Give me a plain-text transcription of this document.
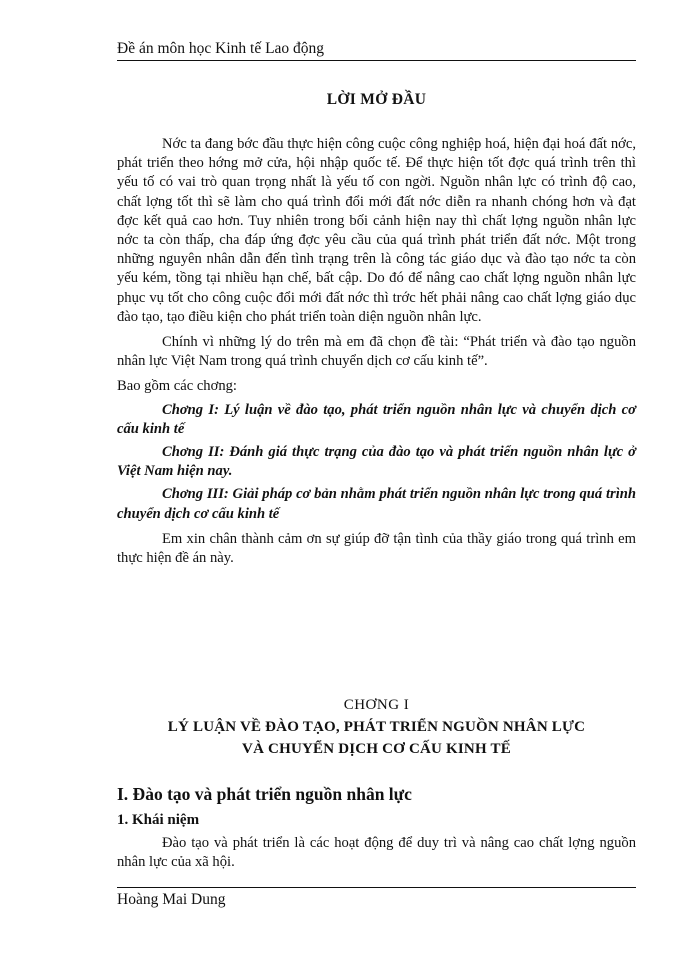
Đề án môn học Kinh tế Lao động
LỜI MỞ ĐẦU

Nớc ta đang bớc đầu thực hiện công cuộc công nghiệp hoá, hiện đại hoá đất nớc, phát triển theo hớng mở cửa, hội nhập quốc tế. Để thực hiện tốt đợc quá trình trên thì yếu tố có vai trò quan trọng nhất là yếu tố con ngời. Nguồn nhân lực có trình độ cao, chất lợng tốt thì sẽ làm cho quá trình đổi mới đất nớc diễn ra nhanh chóng hơn và đạt đợc kết quả cao hơn. Tuy nhiên trong bối cảnh hiện nay thì chất lợng nguồn nhân lực nớc ta còn thấp, cha đáp ứng đợc yêu cầu của quá trình phát triển đất nớc. Một trong những nguyên nhân dẫn đến tình trạng trên là công tác giáo dục và đào tạo nớc ta còn yếu kém, tồng tại nhiều hạn chế, bất cập. Do đó để nâng cao chất lợng nguồn nhân lực phục vụ tốt cho công cuộc đổi mới đất nớc thì trớc hết phải nâng cao chất lợng giáo dục đào tạo, tạo điều kiện cho phát triển toàn diện nguồn nhân lực.

Chính vì những lý do trên mà em đã chọn đề tài: “Phát triển và đào tạo nguồn nhân lực Việt Nam trong quá trình chuyển dịch cơ cấu kinh tế”.

Bao gồm các chơng:

Chơng I: Lý luận về đào tạo, phát triển nguồn nhân lực và chuyển dịch cơ cấu kinh tế

Chơng II: Đánh giá thực trạng của đào tạo và phát triển nguồn nhân lực ở Việt Nam hiện nay.

Chơng III: Giải pháp cơ bản nhằm phát triển nguồn nhân lực trong quá trình chuyển dịch cơ cấu kinh tế

Em xin chân thành cảm ơn sự giúp đỡ tận tình của thầy giáo trong quá trình em thực hiện đề án này.

CHƠNG I
LÝ LUẬN VỀ ĐÀO TẠO, PHÁT TRIỂN NGUỒN NHÂN LỰC
VÀ CHUYỂN DỊCH CƠ CẤU KINH TẾ
I. Đào tạo và phát triển nguồn nhân lực
1. Khái niệm

Đào tạo và phát triển là các hoạt động để duy trì và nâng cao chất lợng nguồn nhân lực của xã hội.

Hoàng Mai Dung
